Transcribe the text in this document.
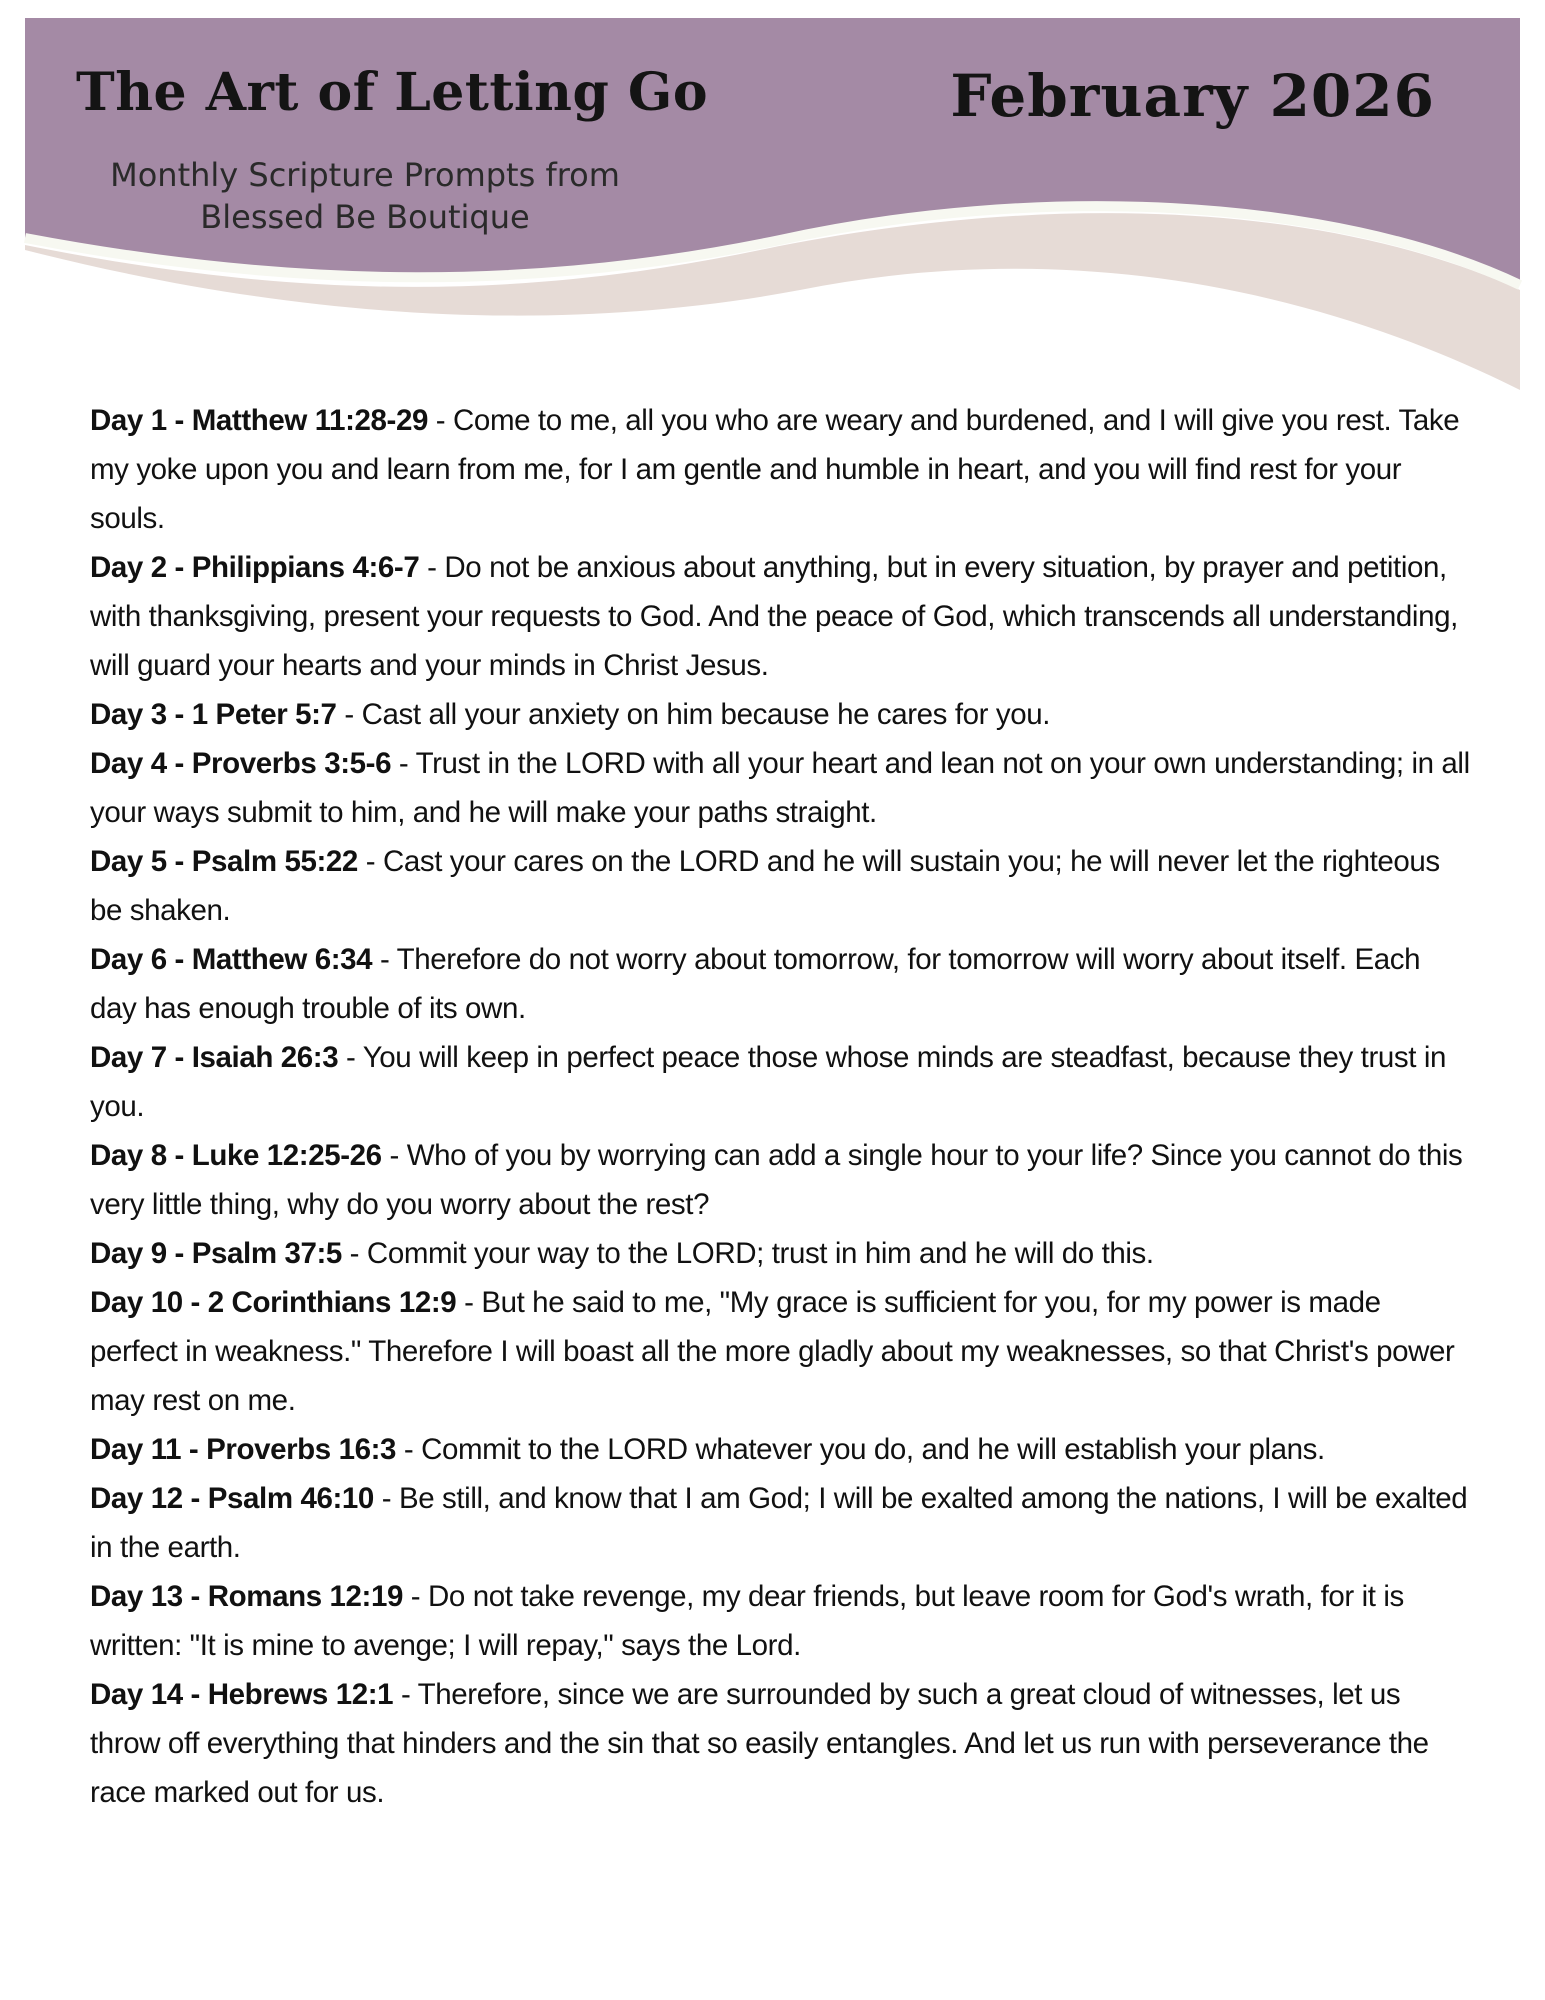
The Art of Letting Go	February 2026
Monthly Scripture Prompts from
Blessed Be Boutique

Day 1 - Matthew 11:28-29 - Come to me, all you who are weary and burdened, and I will give you rest. Take my yoke upon you and learn from me, for I am gentle and humble in heart, and you will find rest for your souls.

Day 2 - Philippians 4:6-7 - Do not be anxious about anything, but in every situation, by prayer and petition, with thanksgiving, present your requests to God. And the peace of God, which transcends all understanding, will guard your hearts and your minds in Christ Jesus.

Day 3 - 1 Peter 5:7 - Cast all your anxiety on him because he cares for you.

Day 4 - Proverbs 3:5-6 - Trust in the LORD with all your heart and lean not on your own understanding; in all your ways submit to him, and he will make your paths straight.

Day 5 - Psalm 55:22 - Cast your cares on the LORD and he will sustain you; he will never let the righteous be shaken.

Day 6 - Matthew 6:34 - Therefore do not worry about tomorrow, for tomorrow will worry about itself. Each day has enough trouble of its own.

Day 7 - Isaiah 26:3 - You will keep in perfect peace those whose minds are steadfast, because they trust in you.

Day 8 - Luke 12:25-26 - Who of you by worrying can add a single hour to your life? Since you cannot do this very little thing, why do you worry about the rest?

Day 9 - Psalm 37:5 - Commit your way to the LORD; trust in him and he will do this.

Day 10 - 2 Corinthians 12:9 - But he said to me, "My grace is sufficient for you, for my power is made perfect in weakness." Therefore I will boast all the more gladly about my weaknesses, so that Christ's power may rest on me.

Day 11 - Proverbs 16:3 - Commit to the LORD whatever you do, and he will establish your plans.

Day 12 - Psalm 46:10 - Be still, and know that I am God; I will be exalted among the nations, I will be exalted in the earth.

Day 13 - Romans 12:19 - Do not take revenge, my dear friends, but leave room for God's wrath, for it is written: "It is mine to avenge; I will repay," says the Lord.

Day 14 - Hebrews 12:1 - Therefore, since we are surrounded by such a great cloud of witnesses, let us throw off everything that hinders and the sin that so easily entangles. And let us run with perseverance the race marked out for us.
